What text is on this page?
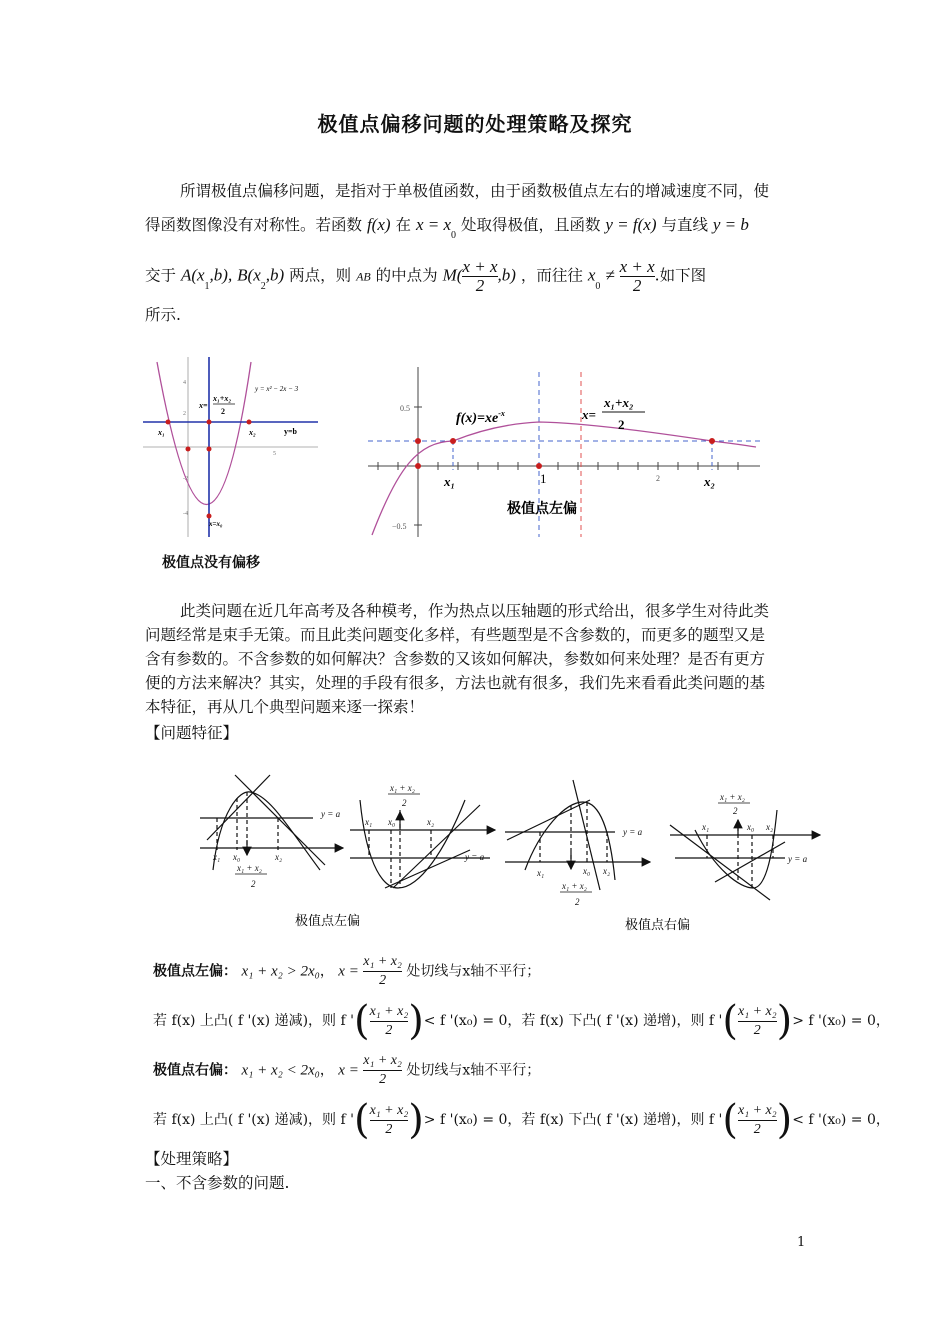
极值点偏移问题的处理策略及探究
所谓极值点偏移问题，是指对于单极值函数，由于函数极值点左右的增减速度不同，使
得函数图像没有对称性。若函数 f(x) 在 $x = x_0$ 处取得极值，且函数 y = f(x) 与直线 y = b
交于 $A(x_1,b)$, $B(x_2,b)$ 两点，则 AB 的中点为 $M( \frac{x + x}{2} ,b)$ ，而往往 $x_0 \ne \frac{x + x}{2}$ .如下图
所示.
4
2
-2
-4
5
y = x² − 2x − 3
x₁+x₂
2
x=
x₁	x₂	y=b
x=x₀
极值点没有偏移
0.5
−0.5
2
$f(x)=xe^{-x}$	x=
x₁+x₂
2
x₁	1	x₂
极值点左偏
此类问题在近几年高考及各种模考，作为热点以压轴题的形式给出，很多学生对待此类
问题经常是束手无策。而且此类问题变化多样，有些题型是不含参数的，而更多的题型又是
含有参数的。不含参数的如何解决？含参数的又该如何解决，参数如何来处理？是否有更方
便的方法来解决？其实，处理的手段有很多，方法也就有很多，我们先来看看此类问题的基
本特征，再从几个典型问题来逐一探索！
【问题特征】
y = a
x₁ x₀	x₂
x₁ + x₂
2
y = a
x₁ x₀	x₂
x₁ + x₂
2
y = a
x₁	x₀ x₂
x₁ + x₂
2
y = a
x₁	x₀ x₂
x₁ + x₂
2
极值点左偏	极值点右偏
极值点左偏： x₁ + x₂ > 2x₀， $x = \frac{\text{x₁ + x₂}}{2}$ 处切线与x轴不平行；
若 f(x) 上凸( f '(x) 递减)，则 f '( $\frac{\text{x₁ + x₂}}{2}$ )< f '(x₀) = 0，若 f(x) 下凸( f '(x) 递增)，则 f '( $\frac{\text{x₁ + x₂}}{2}$ )> f '(x₀) = 0，
极值点右偏： x₁ + x₂ < 2x₀， $x = \frac{\text{x₁ + x₂}}{2}$ 处切线与x轴不平行；
若 f(x) 上凸( f '(x) 递减)，则 f '( $\frac{\text{x₁ + x₂}}{2}$ )> f '(x₀) = 0，若 f(x) 下凸( f '(x) 递增)，则 f '( $\frac{\text{x₁ + x₂}}{2}$ )< f '(x₀) = 0，
【处理策略】
一、不含参数的问题.
1
